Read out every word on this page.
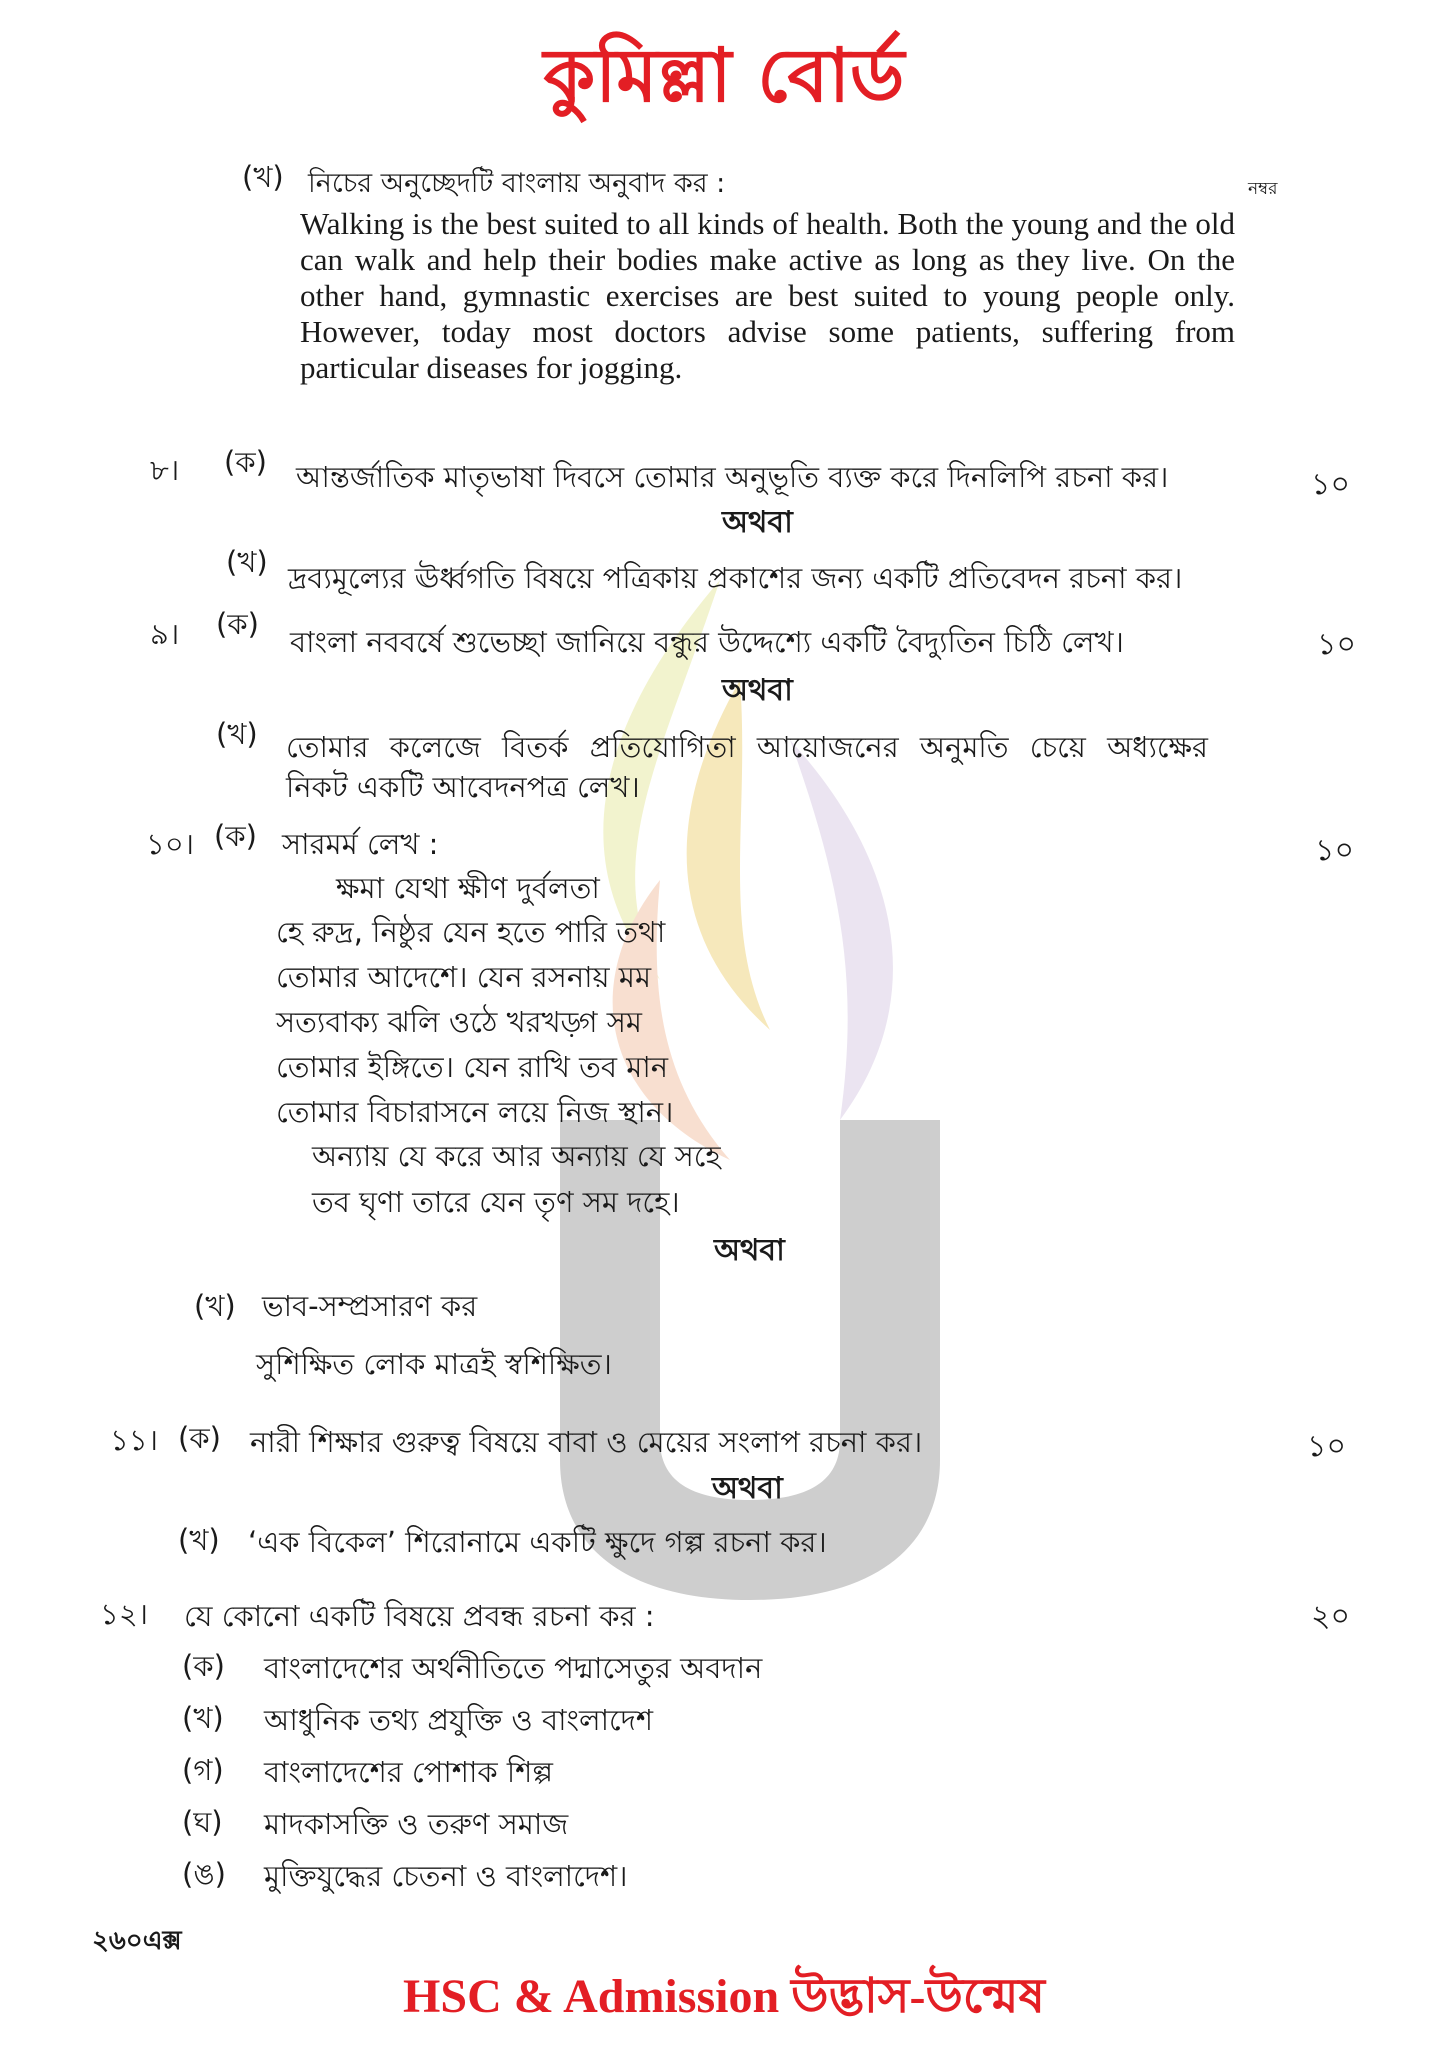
কুমিল্লা বোর্ড
নম্বর
(খ) নিচের অনুচ্ছেদটি বাংলায় অনুবাদ কর :
Walking is the best suited to all kinds of health. Both the young and the old can walk and help their bodies make active as long as they live. On the other hand, gymnastic exercises are best suited to young people only. However, today most doctors advise some patients, suffering from particular diseases for jogging.
৮। (ক) আন্তর্জাতিক মাতৃভাষা দিবসে তোমার অনুভূতি ব্যক্ত করে দিনলিপি রচনা কর।	১০
অথবা
(খ) দ্রব্যমূল্যের ঊর্ধ্বগতি বিষয়ে পত্রিকায় প্রকাশের জন্য একটি প্রতিবেদন রচনা কর।
৯। (ক)
বাংলা নববর্ষে শুভেচ্ছা জানিয়ে বন্ধুর উদ্দেশ্যে একটি বৈদ্যুতিন চিঠি লেখ।	১০
অথবা
(খ) তোমার কলেজে বিতর্ক প্রতিযোগিতা আয়োজনের অনুমতি চেয়ে অধ্যক্ষের
নিকট একটি আবেদনপত্র লেখ।
১০। (ক) সারমর্ম লেখ :	১০
ক্ষমা যেথা ক্ষীণ দুর্বলতা
হে রুদ্র, নিষ্ঠুর যেন হতে পারি তথা
তোমার আদেশে। যেন রসনায় মম
সত্যবাক্য ঝলি ওঠে খরখড়্গ সম
তোমার ইঙ্গিতে। যেন রাখি তব মান
তোমার বিচারাসনে লয়ে নিজ স্থান।
অন্যায় যে করে আর অন্যায় যে সহে
তব ঘৃণা তারে যেন তৃণ সম দহে।
অথবা
(খ) ভাব-সম্প্রসারণ কর
সুশিক্ষিত লোক মাত্রই স্বশিক্ষিত।
১১। (ক) নারী শিক্ষার গুরুত্ব বিষয়ে বাবা ও মেয়ের সংলাপ রচনা কর।	১০
অথবা
(খ) ‘এক বিকেল’ শিরোনামে একটি ক্ষুদে গল্প রচনা কর।
১২। যে কোনো একটি বিষয়ে প্রবন্ধ রচনা কর :	২০
(ক) বাংলাদেশের অর্থনীতিতে পদ্মাসেতুর অবদান
(খ) আধুনিক তথ্য প্রযুক্তি ও বাংলাদেশ
(গ) বাংলাদেশের পোশাক শিল্প
(ঘ) মাদকাসক্তি ও তরুণ সমাজ
(ঙ) মুক্তিযুদ্ধের চেতনা ও বাংলাদেশ।
২৬০এক্স
HSC & Admission উদ্ভাস-উন্মেষ
